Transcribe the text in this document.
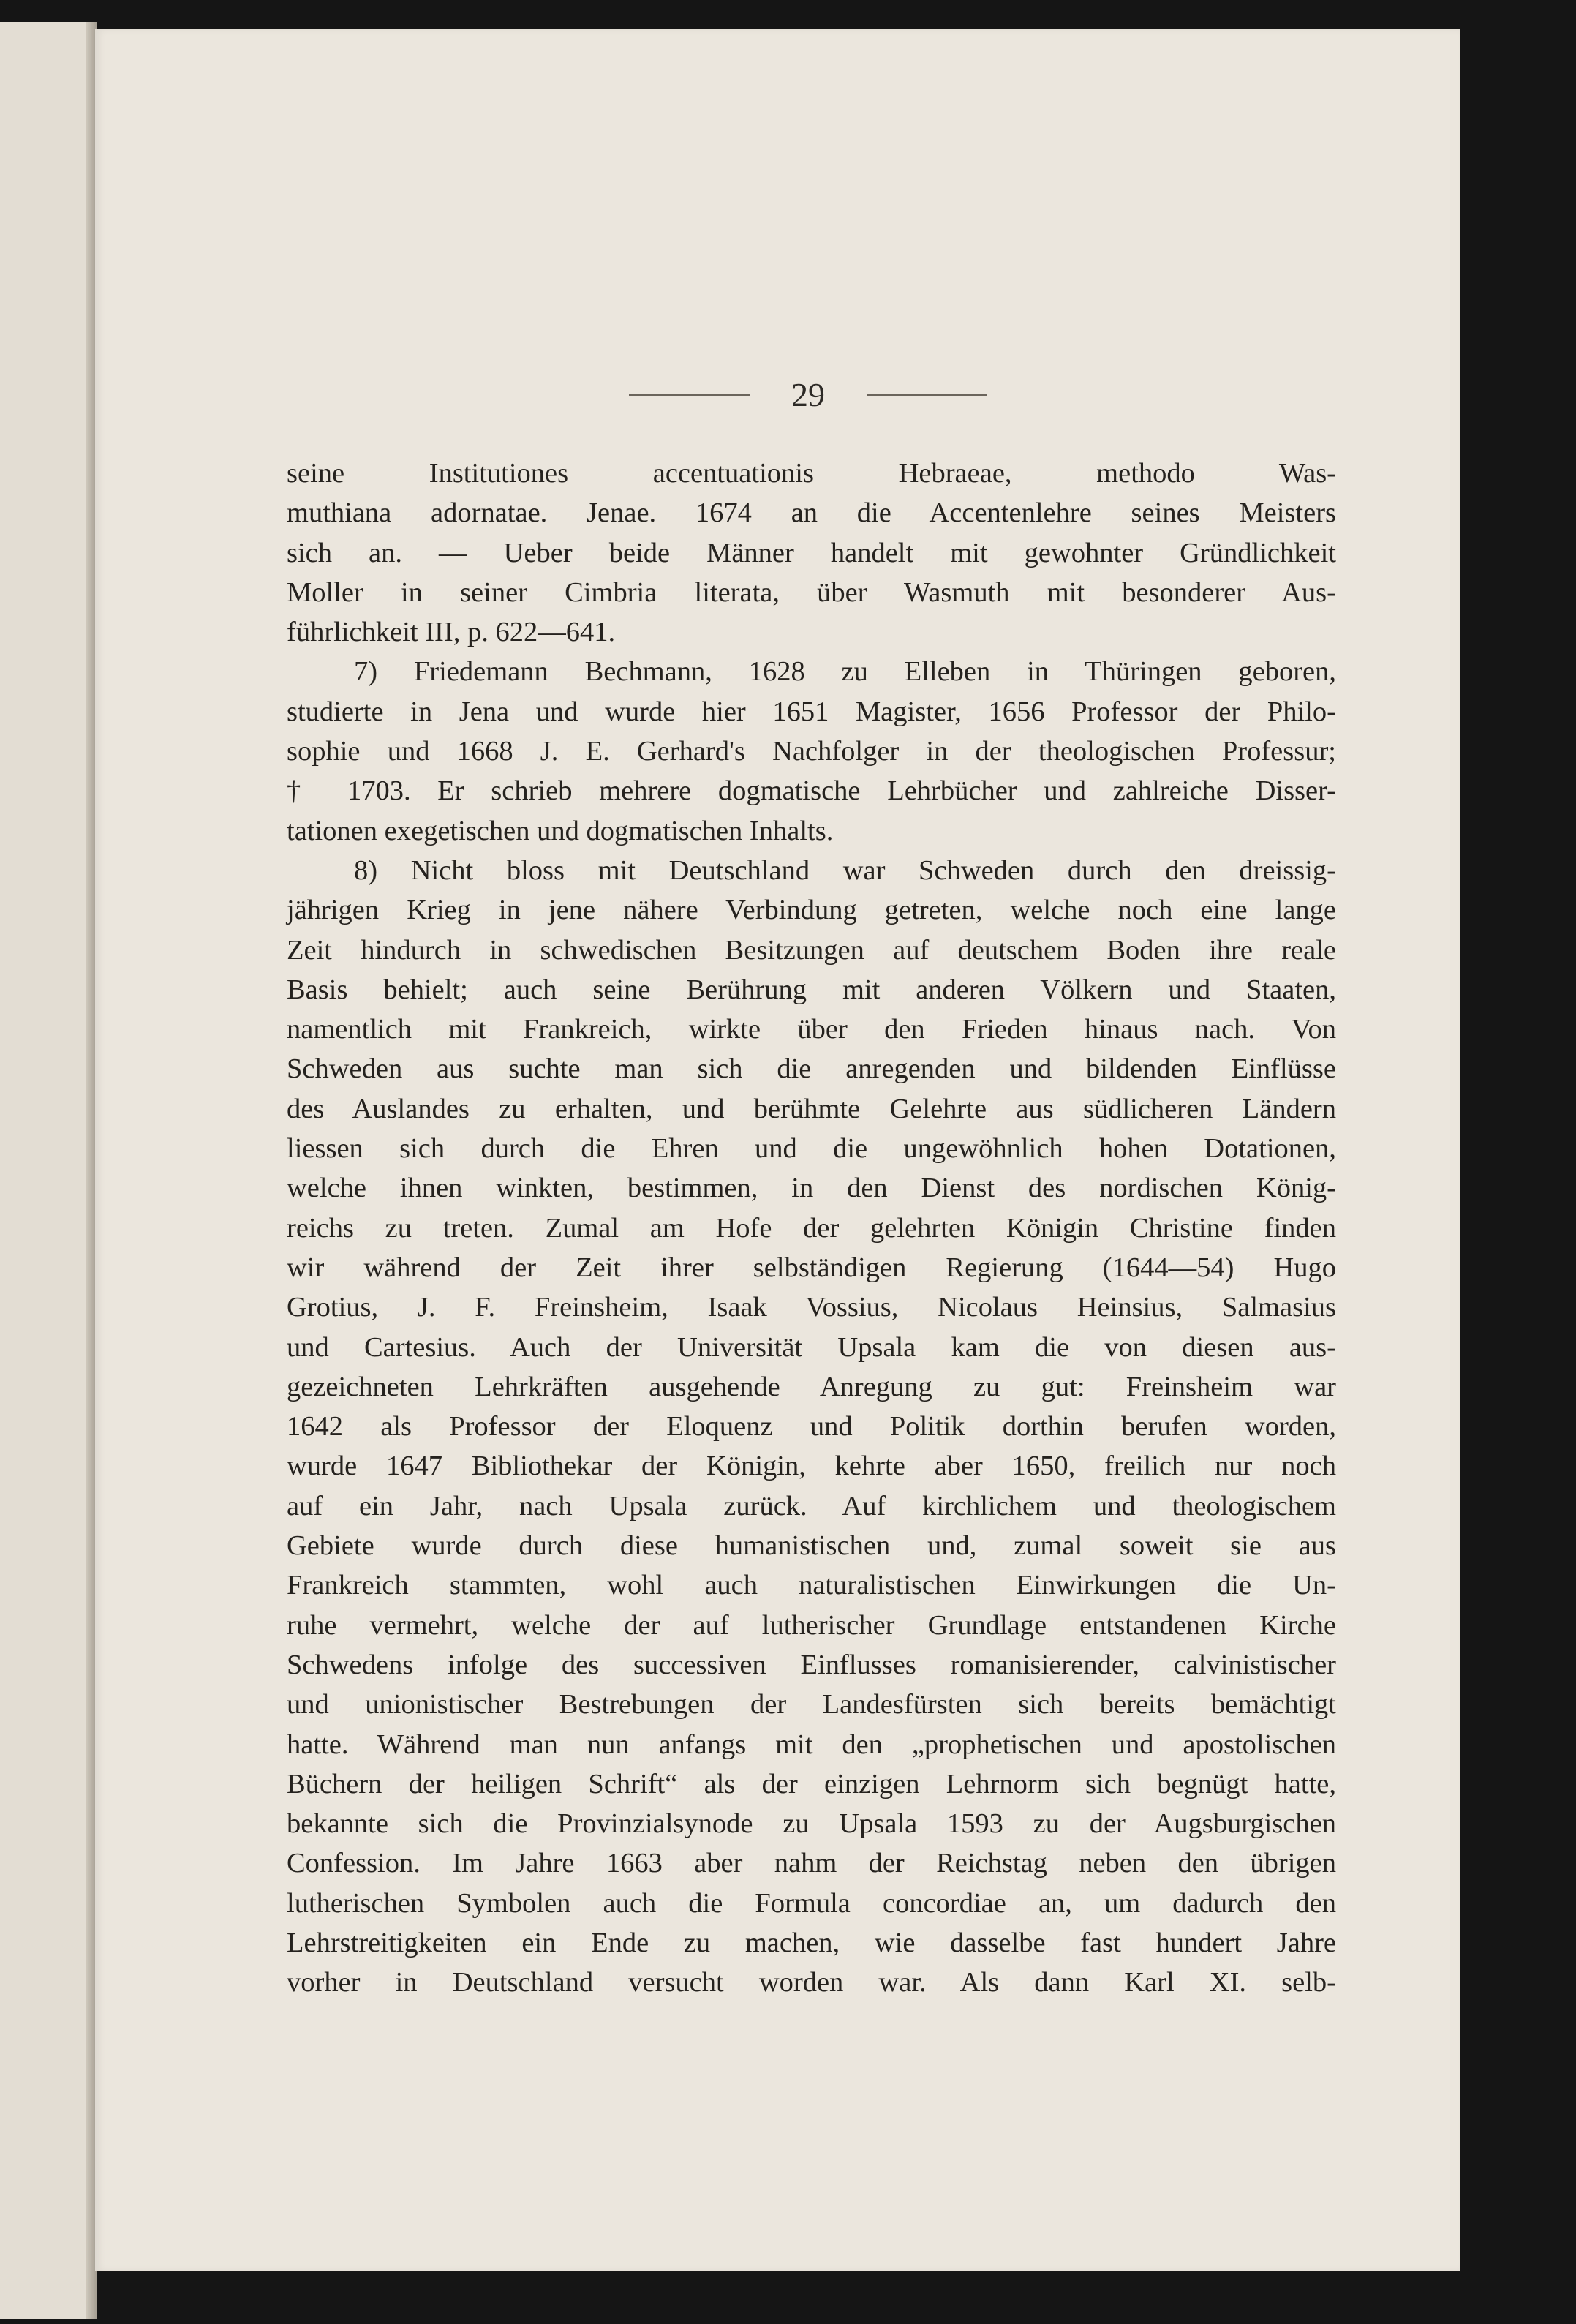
29
seine Institutiones accentuationis Hebraeae, methodo Was-
muthiana adornatae. Jenae. 1674 an die Accentenlehre seines Meisters
sich an. — Ueber beide Männer handelt mit gewohnter Gründlichkeit
Moller in seiner Cimbria literata, über Wasmuth mit besonderer Aus-
führlichkeit III, p. 622—641.
7) Friedemann Bechmann, 1628 zu Elleben in Thüringen geboren,
studierte in Jena und wurde hier 1651 Magister, 1656 Professor der Philo-
sophie und 1668 J. E. Gerhard's Nachfolger in der theologischen Professur;
† 1703. Er schrieb mehrere dogmatische Lehrbücher und zahlreiche Disser-
tationen exegetischen und dogmatischen Inhalts.
8) Nicht bloss mit Deutschland war Schweden durch den dreissig-
jährigen Krieg in jene nähere Verbindung getreten, welche noch eine lange
Zeit hindurch in schwedischen Besitzungen auf deutschem Boden ihre reale
Basis behielt; auch seine Berührung mit anderen Völkern und Staaten,
namentlich mit Frankreich, wirkte über den Frieden hinaus nach. Von
Schweden aus suchte man sich die anregenden und bildenden Einflüsse
des Auslandes zu erhalten, und berühmte Gelehrte aus südlicheren Ländern
liessen sich durch die Ehren und die ungewöhnlich hohen Dotationen,
welche ihnen winkten, bestimmen, in den Dienst des nordischen König-
reichs zu treten. Zumal am Hofe der gelehrten Königin Christine finden
wir während der Zeit ihrer selbständigen Regierung (1644—54) Hugo
Grotius, J. F. Freinsheim, Isaak Vossius, Nicolaus Heinsius, Salmasius
und Cartesius. Auch der Universität Upsala kam die von diesen aus-
gezeichneten Lehrkräften ausgehende Anregung zu gut: Freinsheim war
1642 als Professor der Eloquenz und Politik dorthin berufen worden,
wurde 1647 Bibliothekar der Königin, kehrte aber 1650, freilich nur noch
auf ein Jahr, nach Upsala zurück. Auf kirchlichem und theologischem
Gebiete wurde durch diese humanistischen und, zumal soweit sie aus
Frankreich stammten, wohl auch naturalistischen Einwirkungen die Un-
ruhe vermehrt, welche der auf lutherischer Grundlage entstandenen Kirche
Schwedens infolge des successiven Einflusses romanisierender, calvinistischer
und unionistischer Bestrebungen der Landesfürsten sich bereits bemächtigt
hatte. Während man nun anfangs mit den „prophetischen und apostolischen
Büchern der heiligen Schrift“ als der einzigen Lehrnorm sich begnügt hatte,
bekannte sich die Provinzialsynode zu Upsala 1593 zu der Augsburgischen
Confession. Im Jahre 1663 aber nahm der Reichstag neben den übrigen
lutherischen Symbolen auch die Formula concordiae an, um dadurch den
Lehrstreitigkeiten ein Ende zu machen, wie dasselbe fast hundert Jahre
vorher in Deutschland versucht worden war. Als dann Karl XI. selb-
